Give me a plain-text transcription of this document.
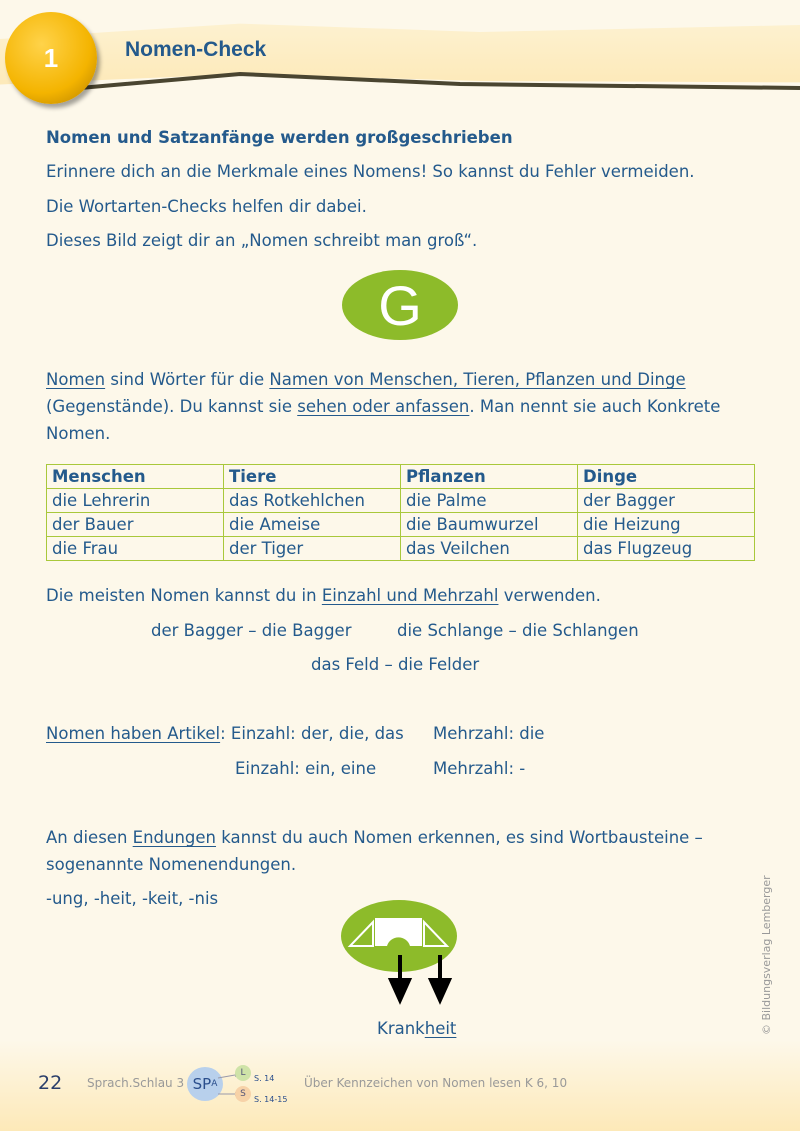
1	Nomen-Check
Nomen und Satzanfänge werden großgeschrieben
Erinnere dich an die Merkmale eines Nomens! So kannst du Fehler vermeiden.
Die Wortarten-Checks helfen dir dabei.
Dieses Bild zeigt dir an „Nomen schreibt man groß“.
G
Nomen sind Wörter für die Namen von Menschen, Tieren, Pflanzen und Dinge
(Gegenstände). Du kannst sie sehen oder anfassen. Man nennt sie auch Konkrete
Nomen.
Menschen	Tiere	Pflanzen	Dinge
die Lehrerin	das Rotkehlchen	die Palme	der Bagger
der Bauer	die Ameise	die Baumwurzel	die Heizung
die Frau	der Tiger	das Veilchen	das Flugzeug
Die meisten Nomen kannst du in Einzahl und Mehrzahl verwenden.
der Bagger – die Bagger	die Schlange – die Schlangen
das Feld – die Felder
Nomen haben Artikel: Einzahl: der, die, das Mehrzahl: die
Einzahl: ein, eine	Mehrzahl: -
An diesen Endungen kannst du auch Nomen erkennen, es sind Wortbausteine –
sogenannte Nomenendungen.
-ung, -heit, -keit, -nis
Krankheit	© Bildungsverlag Lemberger
22 Sprach.Schlau 3 SP A
L
S. 14
S
S. 14-15
Über Kennzeichen von Nomen lesen K 6, 10
